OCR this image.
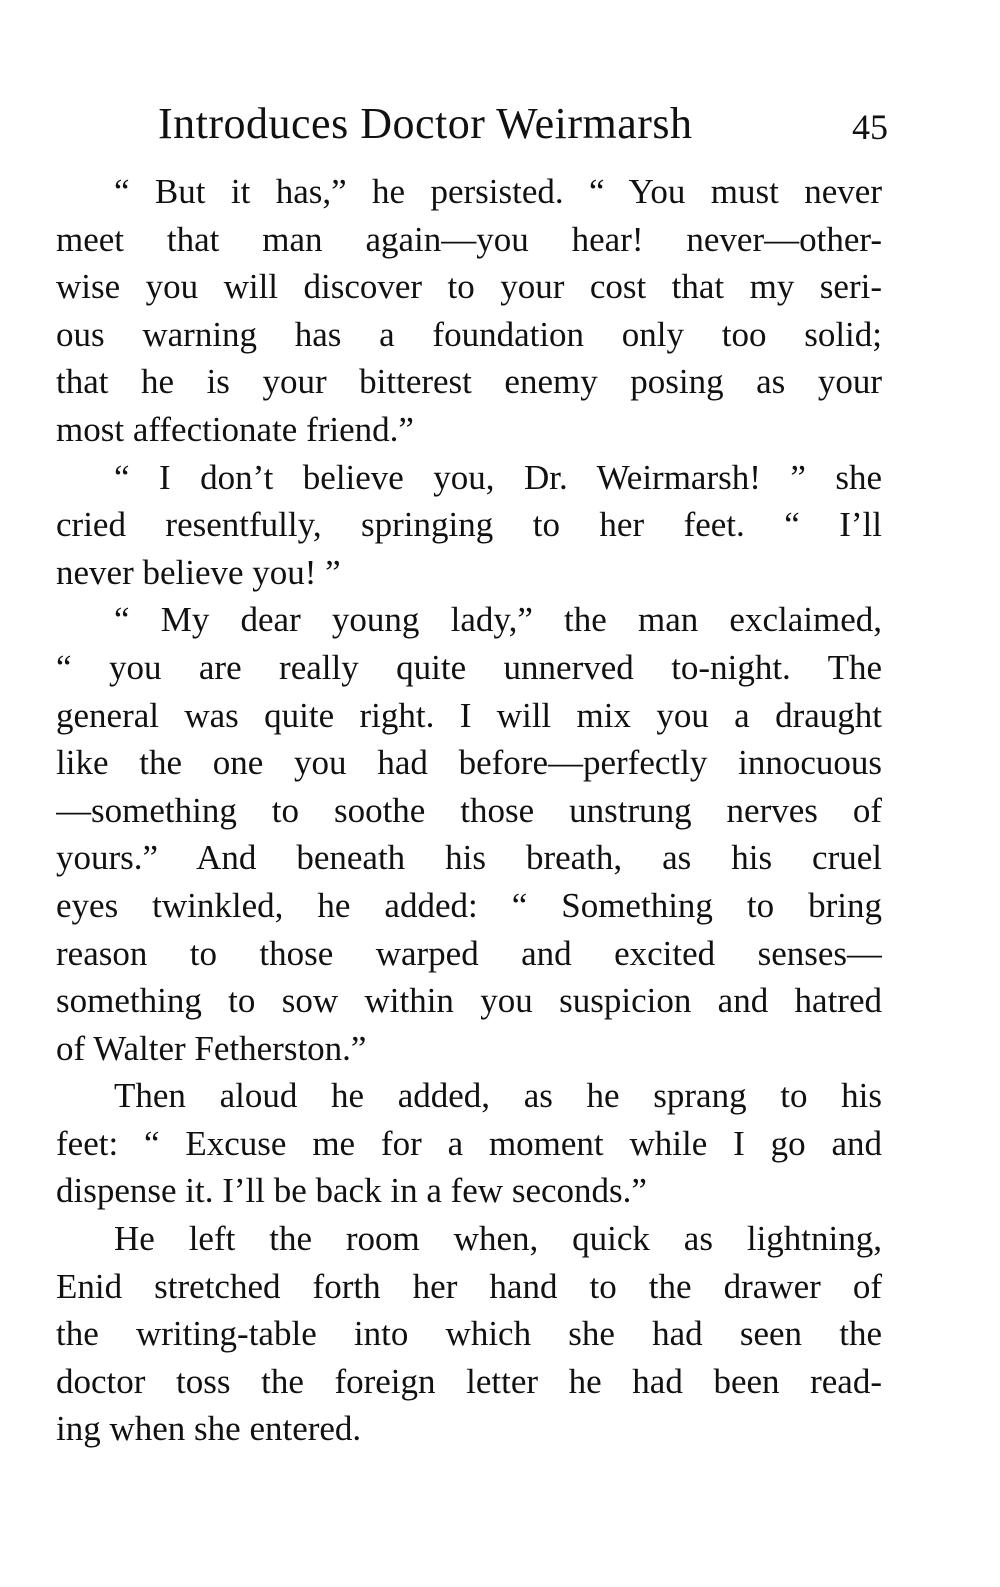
Introduces Doctor Weirmarsh	45
“ But it has,” he persisted. “ You must never
meet that man again—you hear! never—other-
wise you will discover to your cost that my seri-
ous warning has a foundation only too solid;
that he is your bitterest enemy posing as your
most affectionate friend.”
“ I don’t believe you, Dr. Weirmarsh! ” she
cried resentfully, springing to her feet. “ I’ll
never believe you! ”
“ My dear young lady,” the man exclaimed,
“ you are really quite unnerved to-night. The
general was quite right. I will mix you a draught
like the one you had before—perfectly innocuous
—something to soothe those unstrung nerves of
yours.” And beneath his breath, as his cruel
eyes twinkled, he added: “ Something to bring
reason to those warped and excited senses—
something to sow within you suspicion and hatred
of Walter Fetherston.”
Then aloud he added, as he sprang to his
feet: “ Excuse me for a moment while I go and
dispense it. I’ll be back in a few seconds.”
He left the room when, quick as lightning,
Enid stretched forth her hand to the drawer of
the writing-table into which she had seen the
doctor toss the foreign letter he had been read-
ing when she entered.
